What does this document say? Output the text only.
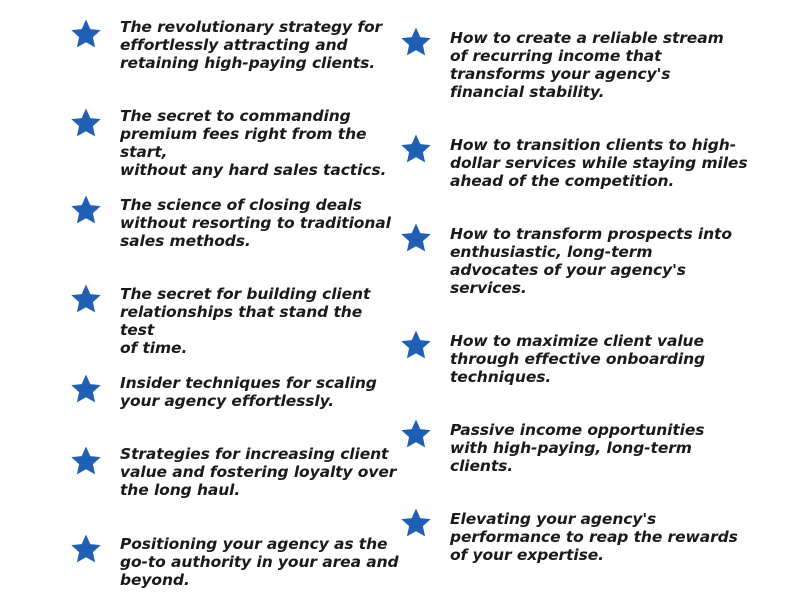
The revolutionary strategy for
effortlessly attracting and
retaining high-paying clients.
The secret to commanding
premium fees right from the start,
without any hard sales tactics.
The science of closing deals
without resorting to traditional
sales methods.
The secret for building client
relationships that stand the test
of time.
Insider techniques for scaling
your agency effortlessly.
Strategies for increasing client
value and fostering loyalty over
the long haul.
Positioning your agency as the
go-to authority in your area and
beyond.
How to create a reliable stream
of recurring income that
transforms your agency's
financial stability.
How to transition clients to high-
dollar services while staying miles
ahead of the competition.
How to transform prospects into
enthusiastic, long-term
advocates of your agency's
services.
How to maximize client value
through effective onboarding
techniques.
Passive income opportunities
with high-paying, long-term
clients.
Elevating your agency's
performance to reap the rewards
of your expertise.
